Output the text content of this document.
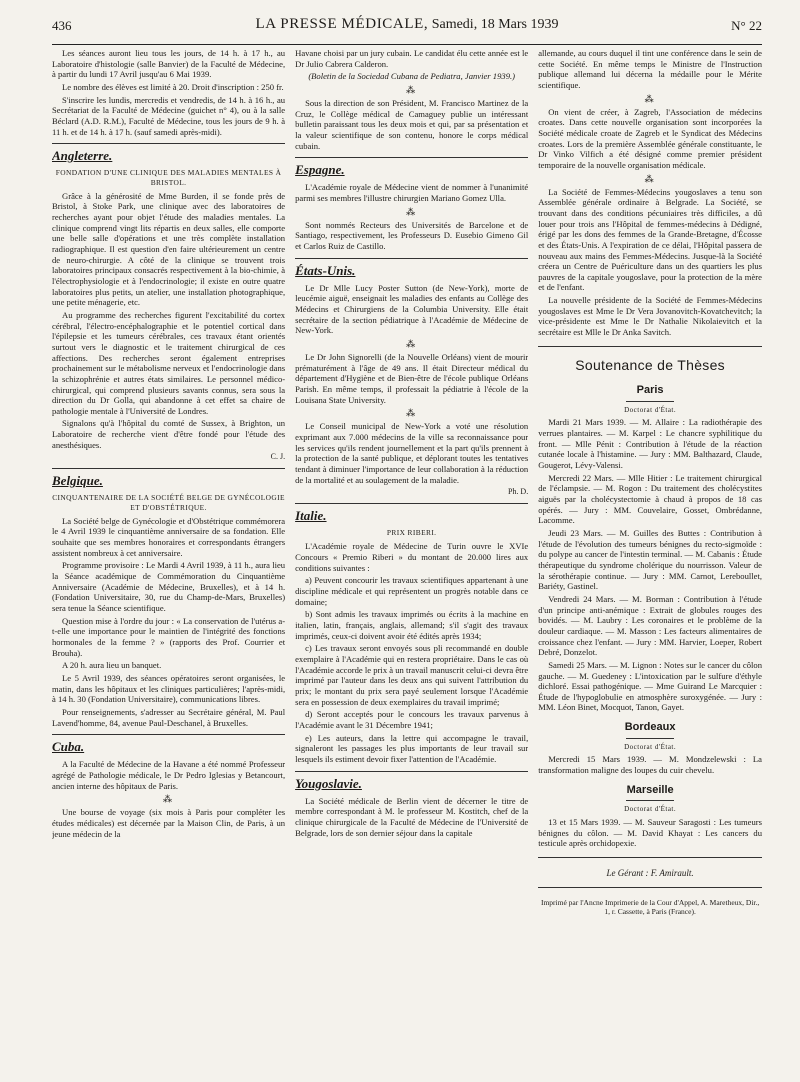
436	LA PRESSE MÉDICALE, Samedi, 18 Mars 1939	N° 22

Les séances auront lieu tous les jours, de 14 h. à 17 h., au Laboratoire d'histologie (salle Banvier) de la Faculté de Médecine, à partir du lundi 17 Avril jusqu'au 6 Mai 1939.

Le nombre des élèves est limité à 20. Droit d'inscription : 250 fr.

S'inscrire les lundis, mercredis et vendredis, de 14 h. à 16 h., au Secrétariat de la Faculté de Médecine (guichet n° 4), ou à la salle Béclard (A.D. R.M.), Faculté de Médecine, tous les jours de 9 h. à 11 h. et de 14 h. à 17 h. (sauf samedi après-midi).

Angleterre.
FONDATION D'UNE CLINIQUE DES MALADIES MENTALES À BRISTOL.

Grâce à la générosité de Mme Burden, il se fonde près de Bristol, à Stoke Park, une clinique avec des laboratoires de recherches ayant pour objet l'étude des maladies mentales. La clinique comprend vingt lits répartis en deux salles, elle comporte une belle salle d'opérations et une très complète installation radiographique. Il est question d'en faire ultérieurement un centre de neuro-chirurgie. A côté de la clinique se trouvent trois laboratoires principaux consacrés respectivement à la bio-chimie, à l'électrophysiologie et à l'endocrinologie; il existe en outre quatre laboratoires plus petits, un atelier, une installation photographique, une petite ménagerie, etc.

Au programme des recherches figurent l'excitabilité du cortex cérébral, l'électro-encéphalographie et le potentiel cortical dans l'épilepsie et les tumeurs cérébrales, ces travaux étant orientés surtout vers le diagnostic et le traitement chirurgical de ces affections. Des recherches seront également entreprises prochainement sur le métabolisme nerveux et l'endocrinologie dans la schizophrénie et autres états similaires. Le personnel médico-chirurgical, qui comprend plusieurs savants connus, sera sous la direction du Dr Golla, qui abandonne à cet effet sa chaire de pathologie mentale à l'Université de Londres.

Signalons qu'à l'hôpital du comté de Sussex, à Brighton, un Laboratoire de recherche vient d'être fondé pour l'étude des anesthésiques.

C. J.
Belgique.
CINQUANTENAIRE DE LA SOCIÉTÉ BELGE DE GYNÉCOLOGIE ET D'OBSTÉTRIQUE.

La Société belge de Gynécologie et d'Obstétrique commémorera le 4 Avril 1939 le cinquantième anniversaire de sa fondation. Elle souhaite que ses membres honoraires et correspondants étrangers assistent nombreux à cet anniversaire.

Programme provisoire : Le Mardi 4 Avril 1939, à 11 h., aura lieu la Séance académique de Commémoration du Cinquantième Anniversaire (Académie de Médecine, Bruxelles), et à 14 h. (Fondation Universitaire, 30, rue du Champ-de-Mars, Bruxelles) sera tenue la Séance scientifique.

Question mise à l'ordre du jour : « La conservation de l'utérus a-t-elle une importance pour le maintien de l'intégrité des fonctions hormonales de la femme ? » (rapports des Prof. Courrier et Brouha).

A 20 h. aura lieu un banquet.

Le 5 Avril 1939, des séances opératoires seront organisées, le matin, dans les hôpitaux et les cliniques particulières; l'après-midi, à 14 h. 30 (Fondation Universitaire), communications libres.

Pour renseignements, s'adresser au Secrétaire général, M. Paul Lavend'homme, 84, avenue Paul-Deschanel, à Bruxelles.

Cuba.

A la Faculté de Médecine de la Havane a été nommé Professeur agrégé de Pathologie médicale, le Dr Pedro Iglesias y Betancourt, ancien interne des hôpitaux de Paris.

⁂

Une bourse de voyage (six mois à Paris pour compléter les études médicales) est décernée par la Maison Clin, de Paris, à un jeune médecin de la

Havane choisi par un jury cubain. Le candidat élu cette année est le Dr Julio Cabrera Calderon.

(Boletin de la Sociedad Cubana de Pediatra, Janvier 1939.)

⁂

Sous la direction de son Président, M. Francisco Martinez de la Cruz, le Collège médical de Camaguey publie un intéressant bulletin paraissant tous les deux mois et qui, par sa présentation et la valeur scientifique de son contenu, honore le corps médical cubain.

Espagne.

L'Académie royale de Médecine vient de nommer à l'unanimité parmi ses membres l'illustre chirurgien Mariano Gomez Ulla.

⁂

Sont nommés Recteurs des Universités de Barcelone et de Santiago, respectivement, les Professeurs D. Eusebio Gimeno Gil et Carlos Ruiz de Castillo.

États-Unis.

Le Dr Mlle Lucy Poster Sutton (de New-York), morte de leucémie aiguë, enseignait les maladies des enfants au Collège des Médecins et Chirurgiens de la Columbia University. Elle était secrétaire de la section pédiatrique à l'Académie de Médecine de New-York.

⁂

Le Dr John Signorelli (de la Nouvelle Orléans) vient de mourir prématurément à l'âge de 49 ans. Il était Directeur médical du département d'Hygiène et de Bien-être de l'école publique Orléans Parish. En même temps, il professait la pédiatrie à l'école de la Louisana State University.

⁂

Le Conseil municipal de New-York a voté une résolution exprimant aux 7.000 médecins de la ville sa reconnaissance pour les services qu'ils rendent journellement et la part qu'ils prennent à la protection de la santé publique, et déplorant toutes les tentatives tendant à diminuer l'importance de leur collaboration à la réduction de la mortalité et au soulagement de la maladie.

Ph. D.
Italie.
PRIX RIBERI.

L'Académie royale de Médecine de Turin ouvre le XVIe Concours « Premio Riberi » du montant de 20.000 lires aux conditions suivantes :

a) Peuvent concourir les travaux scientifiques appartenant à une discipline médicale et qui représentent un progrès notable dans ce domaine;

b) Sont admis les travaux imprimés ou écrits à la machine en italien, latin, français, anglais, allemand; s'il s'agit des travaux imprimés, ceux-ci doivent avoir été édités après 1934;

c) Les travaux seront envoyés sous pli recommandé en double exemplaire à l'Académie qui en restera propriétaire. Dans le cas où l'Académie accorde le prix à un travail manuscrit celui-ci devra être imprimé par l'auteur dans les deux ans qui suivent l'attribution du prix; le montant du prix sera payé seulement lorsque l'Académie sera en possession de deux exemplaires du travail imprimé;

d) Seront acceptés pour le concours les travaux parvenus à l'Académie avant le 31 Décembre 1941;

e) Les auteurs, dans la lettre qui accompagne le travail, signaleront les passages les plus importants de leur travail sur lesquels ils estiment devoir fixer l'attention de l'Académie.

Yougoslavie.

La Société médicale de Berlin vient de décerner le titre de membre correspondant à M. le professeur M. Kostitch, chef de la clinique chirurgicale de la Faculté de Médecine de l'Université de Belgrade, lors de son dernier séjour dans la capitale

allemande, au cours duquel il tint une conférence dans le sein de cette Société. En même temps le Ministre de l'Instruction publique allemand lui décerna la médaille pour le Mérite scientifique.

⁂

On vient de créer, à Zagreb, l'Association de médecins croates. Dans cette nouvelle organisation sont incorporées la Société médicale croate de Zagreb et le Syndicat des Médecins croates. Lors de la première Assemblée générale constituante, le Dr Vinko Vilfich a été désigné comme premier président temporaire de la nouvelle organisation médicale.

⁂

La Société de Femmes-Médecins yougoslaves a tenu son Assemblée générale ordinaire à Belgrade. La Société, se trouvant dans des conditions pécuniaires très difficiles, a dû louer pour trois ans l'Hôpital de femmes-médecins à Dédigné, érigé par les dons des femmes de la Grande-Bretagne, d'Écosse et des États-Unis. A l'expiration de ce délai, l'Hôpital passera de nouveau aux mains des Femmes-Médecins. Jusque-là la Société créera un Centre de Puériculture dans un des quartiers les plus pauvres de la capitale yougoslave, pour la protection de la mère et de l'enfant.

La nouvelle présidente de la Société de Femmes-Médecins yougoslaves est Mme le Dr Vera Jovanovitch-Kovatchevitch; la vice-présidente est Mme le Dr Nathalie Nikolaievitch et la secrétaire est Mlle le Dr Anka Savitch.

Soutenance de Thèses
Paris
Doctorat d'État.

Mardi 21 Mars 1939. — M. Allaire : La radiothérapie des verrues plantaires. — M. Karpel : Le chancre syphilitique du front. — Mlle Pénit : Contribution à l'étude de la réaction cutanée locale à l'histamine. — Jury : MM. Balthazard, Claude, Gougerot, Lévy-Valensi.

Mercredi 22 Mars. — Mlle Hitier : Le traitement chirurgical de l'éclampsie. — M. Rogon : Du traitement des cholécystites aiguës par la cholécystectomie à chaud à propos de 18 cas opérés. — Jury : MM. Couvelaire, Gosset, Ombrédanne, Lacomme.

Jeudi 23 Mars. — M. Guilles des Buttes : Contribution à l'étude de l'évolution des tumeurs bénignes du recto-sigmoïde : du polype au cancer de l'intestin terminal. — M. Cabanis : Étude thérapeutique du syndrome cholérique du nourrisson. Valeur de la sérothérapie continue. — Jury : MM. Carnot, Lereboullet, Bariéty, Gastinel.

Vendredi 24 Mars. — M. Borman : Contribution à l'étude d'un principe anti-anémique : Extrait de globules rouges des bovidés. — M. Laubry : Les coronaires et le problème de la douleur cardiaque. — M. Masson : Les facteurs alimentaires de croissance chez l'enfant. — Jury : MM. Harvier, Loeper, Robert Debré, Donzelot.

Samedi 25 Mars. — M. Lignon : Notes sur le cancer du côlon gauche. — M. Guedeney : L'intoxication par le sulfure d'éthyle dichloré. Essai pathogénique. — Mme Guirand Le Marcquier : Étude de l'hypoglobulie en atmosphère suroxygénée. — Jury : MM. Léon Binet, Mocquot, Tanon, Gayet.

Bordeaux
Doctorat d'État.

Mercredi 15 Mars 1939. — M. Mondzelewski : La transformation maligne des loupes du cuir chevelu.

Marseille
Doctorat d'État.

13 et 15 Mars 1939. — M. Sauveur Saragosti : Les tumeurs bénignes du côlon. — M. David Khayat : Les cancers du testicule après orchidopexie.

Le Gérant : F. Amirault.
Imprimé par l'Ancne Imprimerie de la Cour d'Appel, A. Maretheux, Dir., 1, r. Cassette, à Paris (France).
